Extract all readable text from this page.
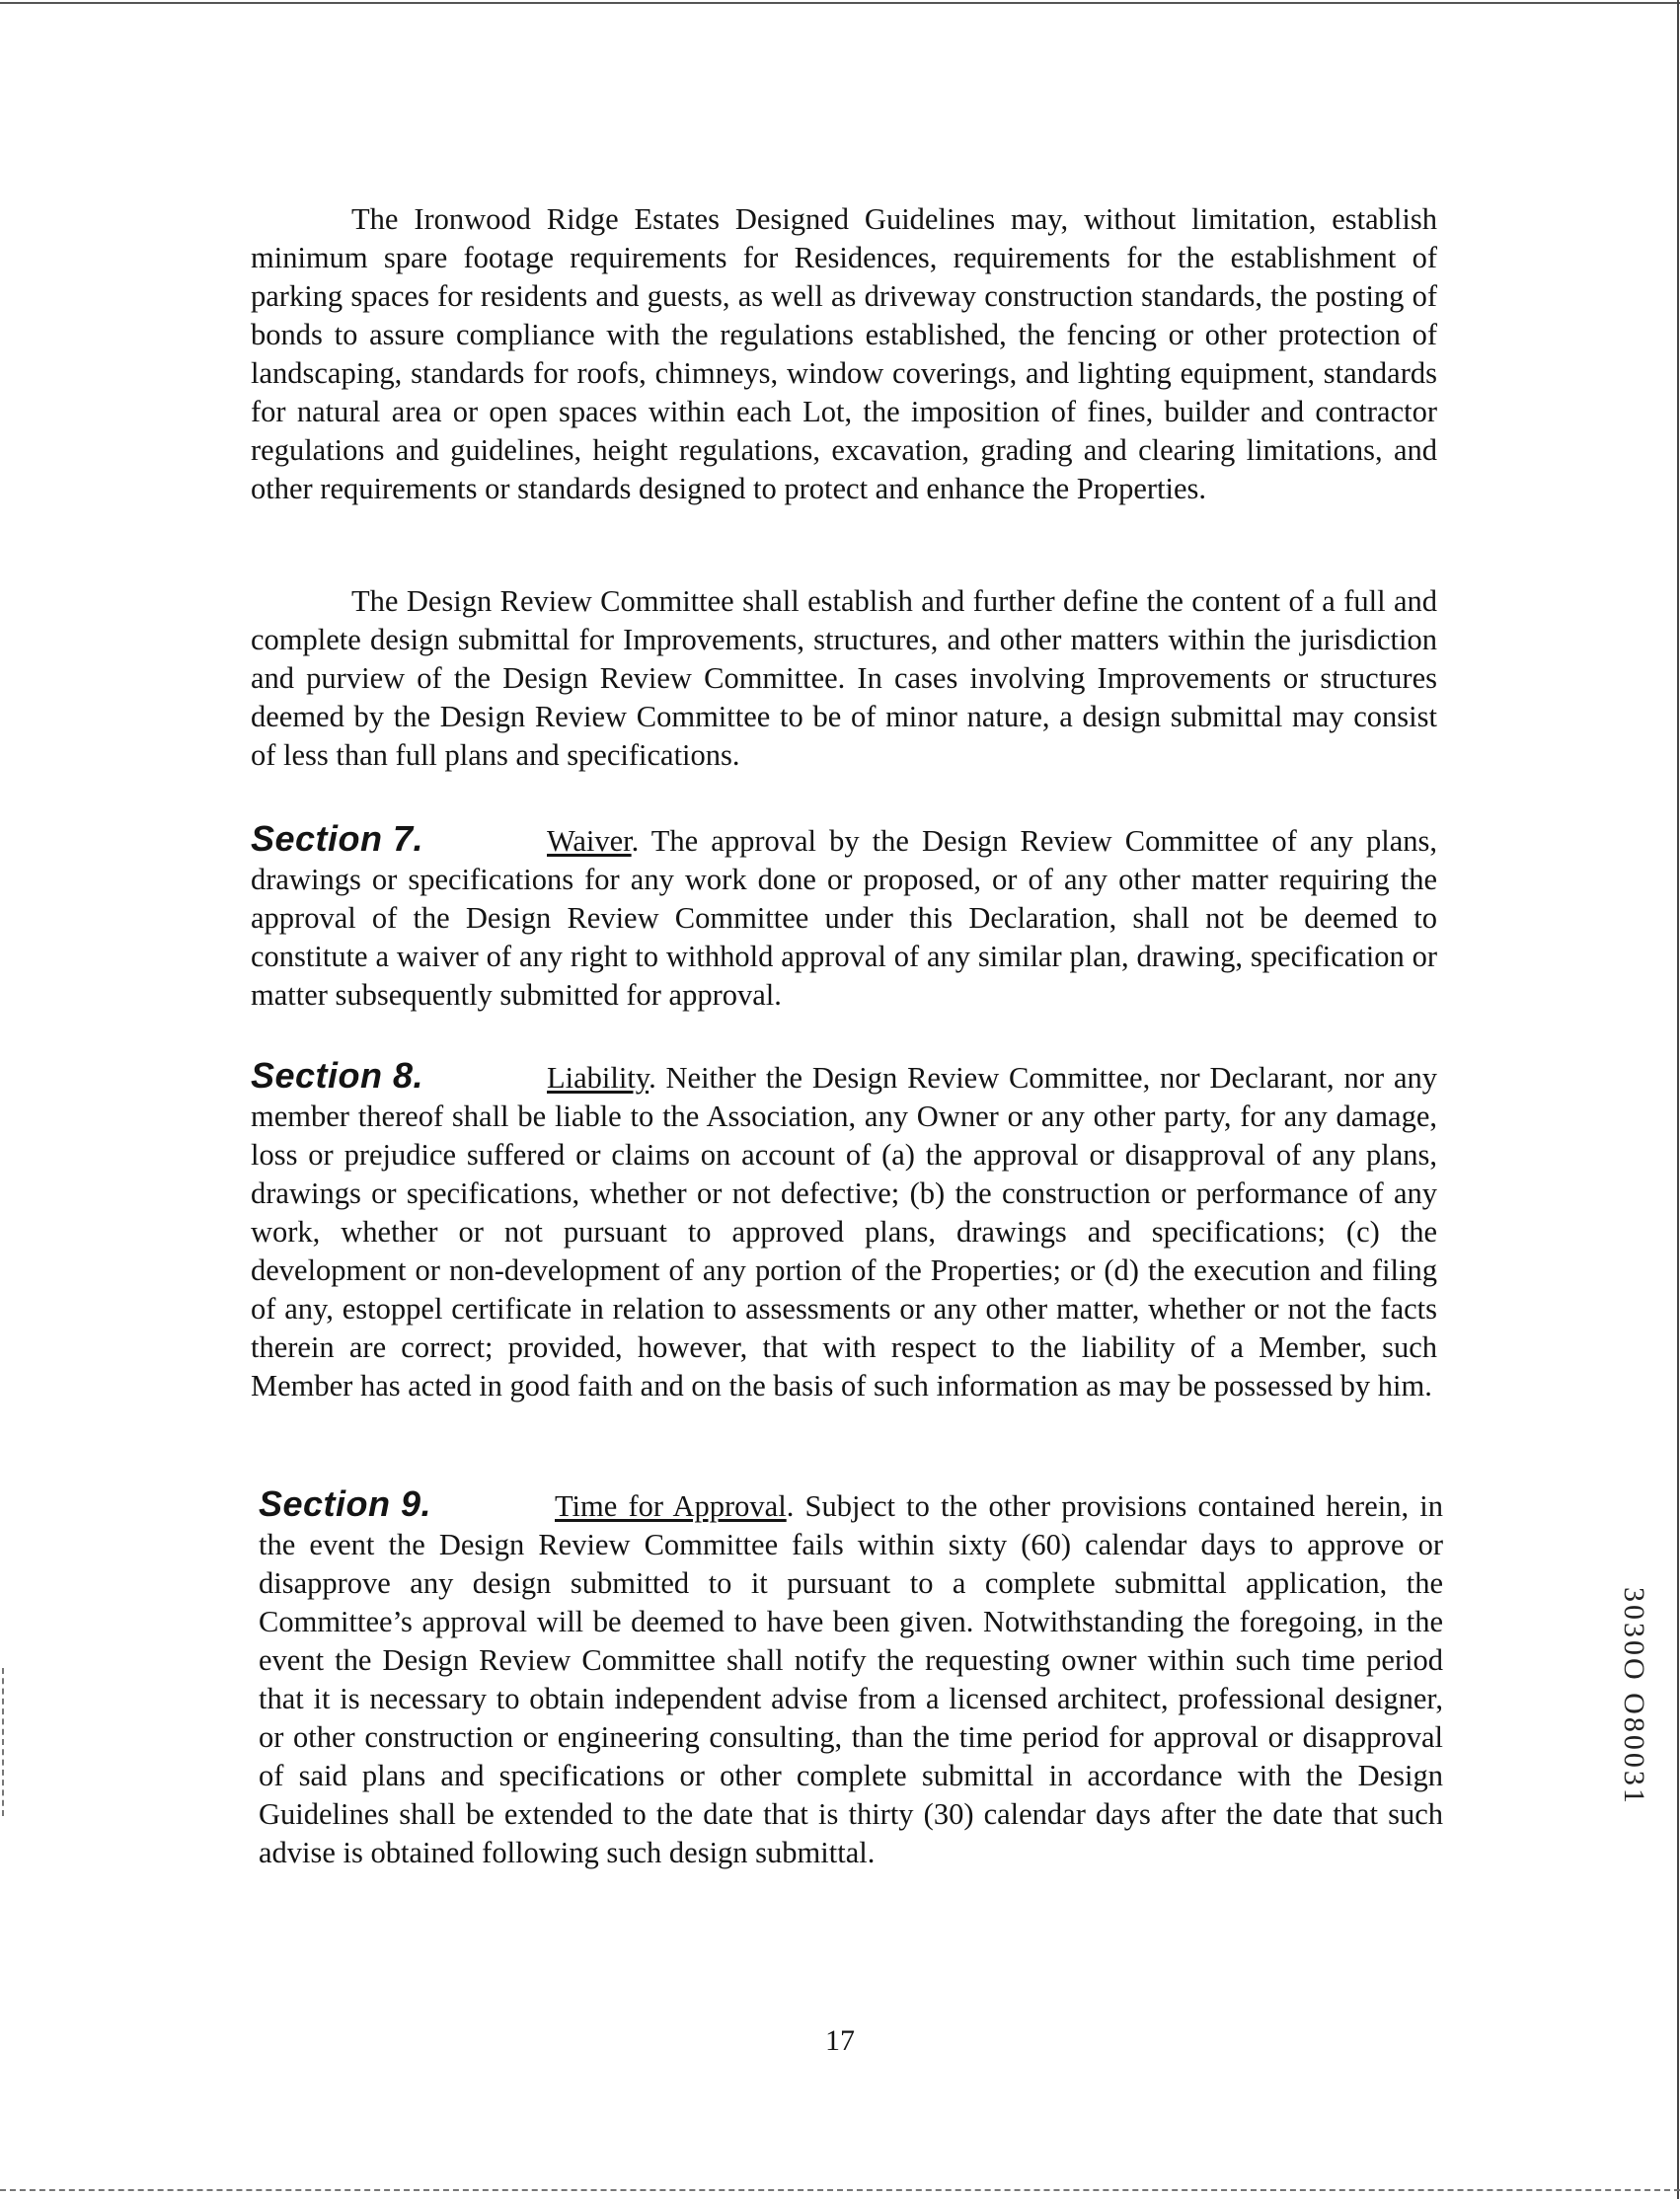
The Ironwood Ridge Estates Designed Guidelines may, without limitation, establish minimum spare footage requirements for Residences, requirements for the establishment of parking spaces for residents and guests, as well as driveway construction standards, the posting of bonds to assure compliance with the regulations established, the fencing or other protection of landscaping, standards for roofs, chimneys, window coverings, and lighting equipment, standards for natural area or open spaces within each Lot, the imposition of fines, builder and contractor regulations and guidelines, height regulations, excavation, grading and clearing limitations, and other requirements or standards designed to protect and enhance the Properties.

The Design Review Committee shall establish and further define the content of a full and complete design submittal for Improvements, structures, and other matters within the jurisdiction and purview of the Design Review Committee. In cases involving Improvements or structures deemed by the Design Review Committee to be of minor nature, a design submittal may consist of less than full plans and specifications.

Section 7.	Waiver. The approval by the Design Review Committee of any plans, drawings or specifications for any work done or proposed, or of any other matter requiring the approval of the Design Review Committee under this Declaration, shall not be deemed to constitute a waiver of any right to withhold approval of any similar plan, drawing, specification or matter subsequently submitted for approval.

Section 8.	Liability. Neither the Design Review Committee, nor Declarant, nor any member thereof shall be liable to the Association, any Owner or any other party, for any damage, loss or prejudice suffered or claims on account of (a) the approval or disapproval of any plans, drawings or specifications, whether or not defective; (b) the construction or performance of any work, whether or not pursuant to approved plans, drawings and specifications; (c) the development or non-development of any portion of the Properties; or (d) the execution and filing of any, estoppel certificate in relation to assessments or any other matter, whether or not the facts therein are correct; provided, however, that with respect to the liability of a Member, such Member has acted in good faith and on the basis of such information as may be possessed by him.

Section 9.	Time for Approval. Subject to the other provisions contained herein, in the event the Design Review Committee fails within sixty (60) calendar days to approve or disapprove any design submitted to it pursuant to a complete submittal application, the Committee’s approval will be deemed to have been given. Notwithstanding the foregoing, in the event the Design Review Committee shall notify the requesting owner within such time period that it is necessary to obtain independent advise from a licensed architect, professional designer, or other construction or engineering consulting, than the time period for approval or disapproval of said plans and specifications or other complete submittal in accordance with the Design Guidelines shall be extended to the date that is thirty (30) calendar days after the date that such advise is obtained following such design submittal.

17
3030O O80031
